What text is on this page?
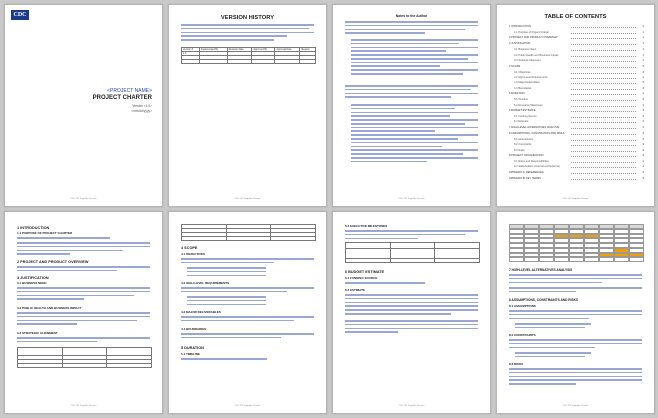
CDC
<PROJECT NAME>
PROJECT CHARTER
Version <1.0>
<mm/dd/yyyy>
CDC UP Template Version
VERSION HISTORY
Version #	Implemented By	Revision Date	Approved By	Approval Date	Reason
1.0					

CDC UP Template Version
Notes to the Author
CDC UP Template Version
TABLE OF CONTENTS
1 INTRODUCTION	1
1.1 Purpose of Project Charter	1
2 PROJECT AND PRODUCT OVERVIEW	1
3 JUSTIFICATION	1
3.1 Business Need	1
3.2 Public Health and Business Impact	1
3.3 Strategic Alignment	1
4 SCOPE	2
4.1 Objectives	2
4.2 High-Level Requirements	2
4.3 Major Deliverables	2
4.4 Boundaries	2
5 DURATION	2
5.1 Timeline	2
5.2 Executive Milestones	2
6 BUDGET ESTIMATE	3
6.1 Funding Source	3
6.2 Estimate	3
7 HIGH-LEVEL ALTERNATIVES ANALYSIS	3
8 ASSUMPTIONS, CONSTRAINTS AND RISKS	3
8.1 Assumptions	3
8.2 Constraints	3
8.3 Risks	3
9 PROJECT ORGANIZATION	4
9.1 Roles and Responsibilities	4
9.2 Stakeholders (Internal and External)	4
APPENDIX A: REFERENCES	5
APPENDIX B: KEY TERMS	5
CDC UP Template Version
1 INTRODUCTION
1.1 PURPOSE OF PROJECT CHARTER
2 PROJECT AND PRODUCT OVERVIEW
3 JUSTIFICATION
3.1 BUSINESS NEED
3.2 PUBLIC HEALTH AND BUSINESS IMPACT
3.3 STRATEGIC ALIGNMENT

CDC UP Template Version

4 SCOPE
4.1 OBJECTIVES
4.2 HIGH-LEVEL REQUIREMENTS
4.3 MAJOR DELIVERABLES
4.4 BOUNDARIES
5 DURATION
5.1 TIMELINE
CDC UP Template Version
5.2 EXECUTIVE MILESTONES

6 BUDGET ESTIMATE
6.1 FUNDING SOURCE
6.2 ESTIMATE
CDC UP Template Version
7 HIGH-LEVEL ALTERNATIVES ANALYSIS
8 ASSUMPTIONS, CONSTRAINTS AND RISKS
8.1 ASSUMPTIONS
8.2 CONSTRAINTS
8.3 RISKS
CDC UP Template Version
